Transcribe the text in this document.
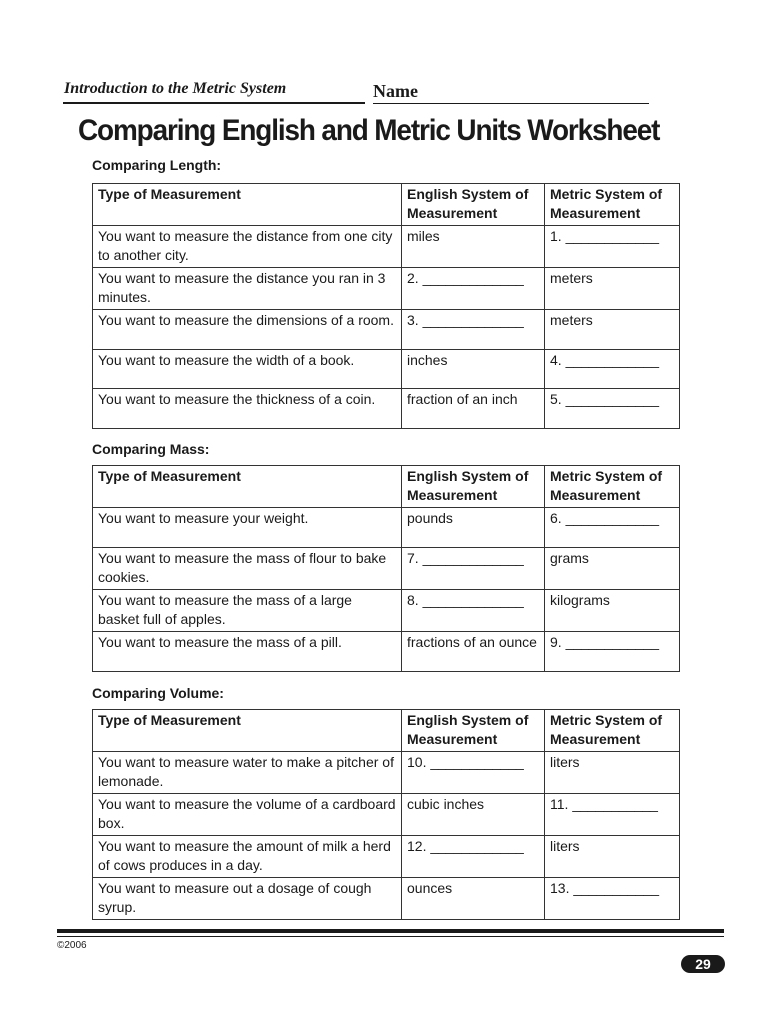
Introduction to the Metric System	Name
Comparing English and Metric Units Worksheet
Comparing Length:
Type of Measurement	English System of Measurement	Metric System of Measurement
You want to measure the distance from one city to another city.	miles	1. ____________
You want to measure the distance you ran in 3 minutes.	2. _____________	meters
You want to measure the dimensions of a room.	3. _____________	meters
You want to measure the width of a book.	inches	4. ____________
You want to measure the thickness of a coin.	fraction of an inch	5. ____________
Comparing Mass:
Type of Measurement	English System of Measurement	Metric System of Measurement
You want to measure your weight.	pounds	6. ____________
You want to measure the mass of flour to bake cookies.	7. _____________	grams
You want to measure the mass of a large basket full of apples.	8. _____________	kilograms
You want to measure the mass of a pill.	fractions of an ounce	9. ____________
Comparing Volume:
Type of Measurement	English System of Measurement	Metric System of Measurement
You want to measure water to make a pitcher of lemonade.	10. ____________	liters
You want to measure the volume of a cardboard box.	cubic inches	11. ___________
You want to measure the amount of milk a herd of cows produces in a day.	12. ____________	liters
You want to measure out a dosage of cough syrup.	ounces	13. ___________
©2006
29
